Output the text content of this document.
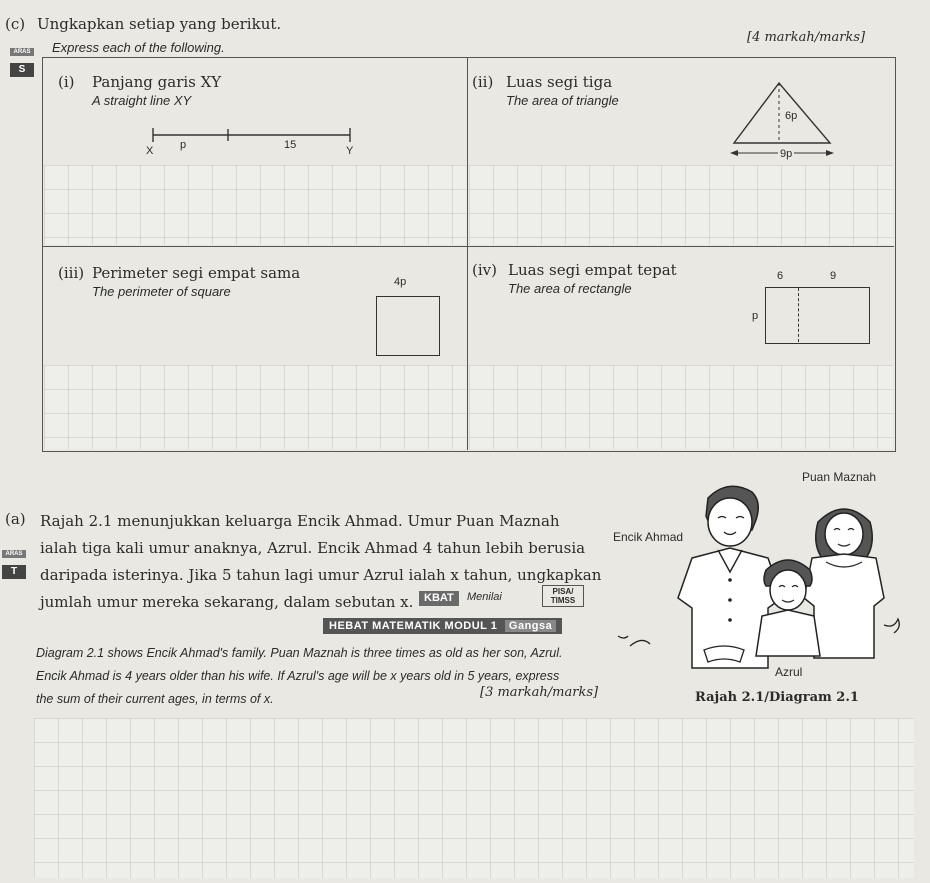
(c) Ungkapkan setiap yang berikut.
ARAS S
Express each of the following.
[4 markah/marks]
(i) Panjang garis XY
A straight line XY
X p	15	Y
(ii) Luas segi tiga
The area of triangle
6p
9p
(iii) Perimeter segi empat sama
The perimeter of square
4p
(iv) Luas segi empat tepat
The area of rectangle
6	9
p
(a)
ARAS T
Rajah 2.1 menunjukkan keluarga Encik Ahmad. Umur Puan Maznah
ialah tiga kali umur anaknya, Azrul. Encik Ahmad 4 tahun lebih berusia
daripada isterinya. Jika 5 tahun lagi umur Azrul ialah x tahun, ungkapkan
jumlah umur mereka sekarang, dalam sebutan x. KBAT	Menilai	PISA/
TIMSS
HEBAT MATEMATIK MODUL 1 Gangsa
Diagram 2.1 shows Encik Ahmad's family. Puan Maznah is three times as old as her son, Azrul.
Encik Ahmad is 4 years older than his wife. If Azrul's age will be x years old in 5 years, express
the sum of their current ages, in terms of x.	[3 markah/marks]
Puan Maznah
Encik Ahmad
Azrul
Rajah 2.1/Diagram 2.1
